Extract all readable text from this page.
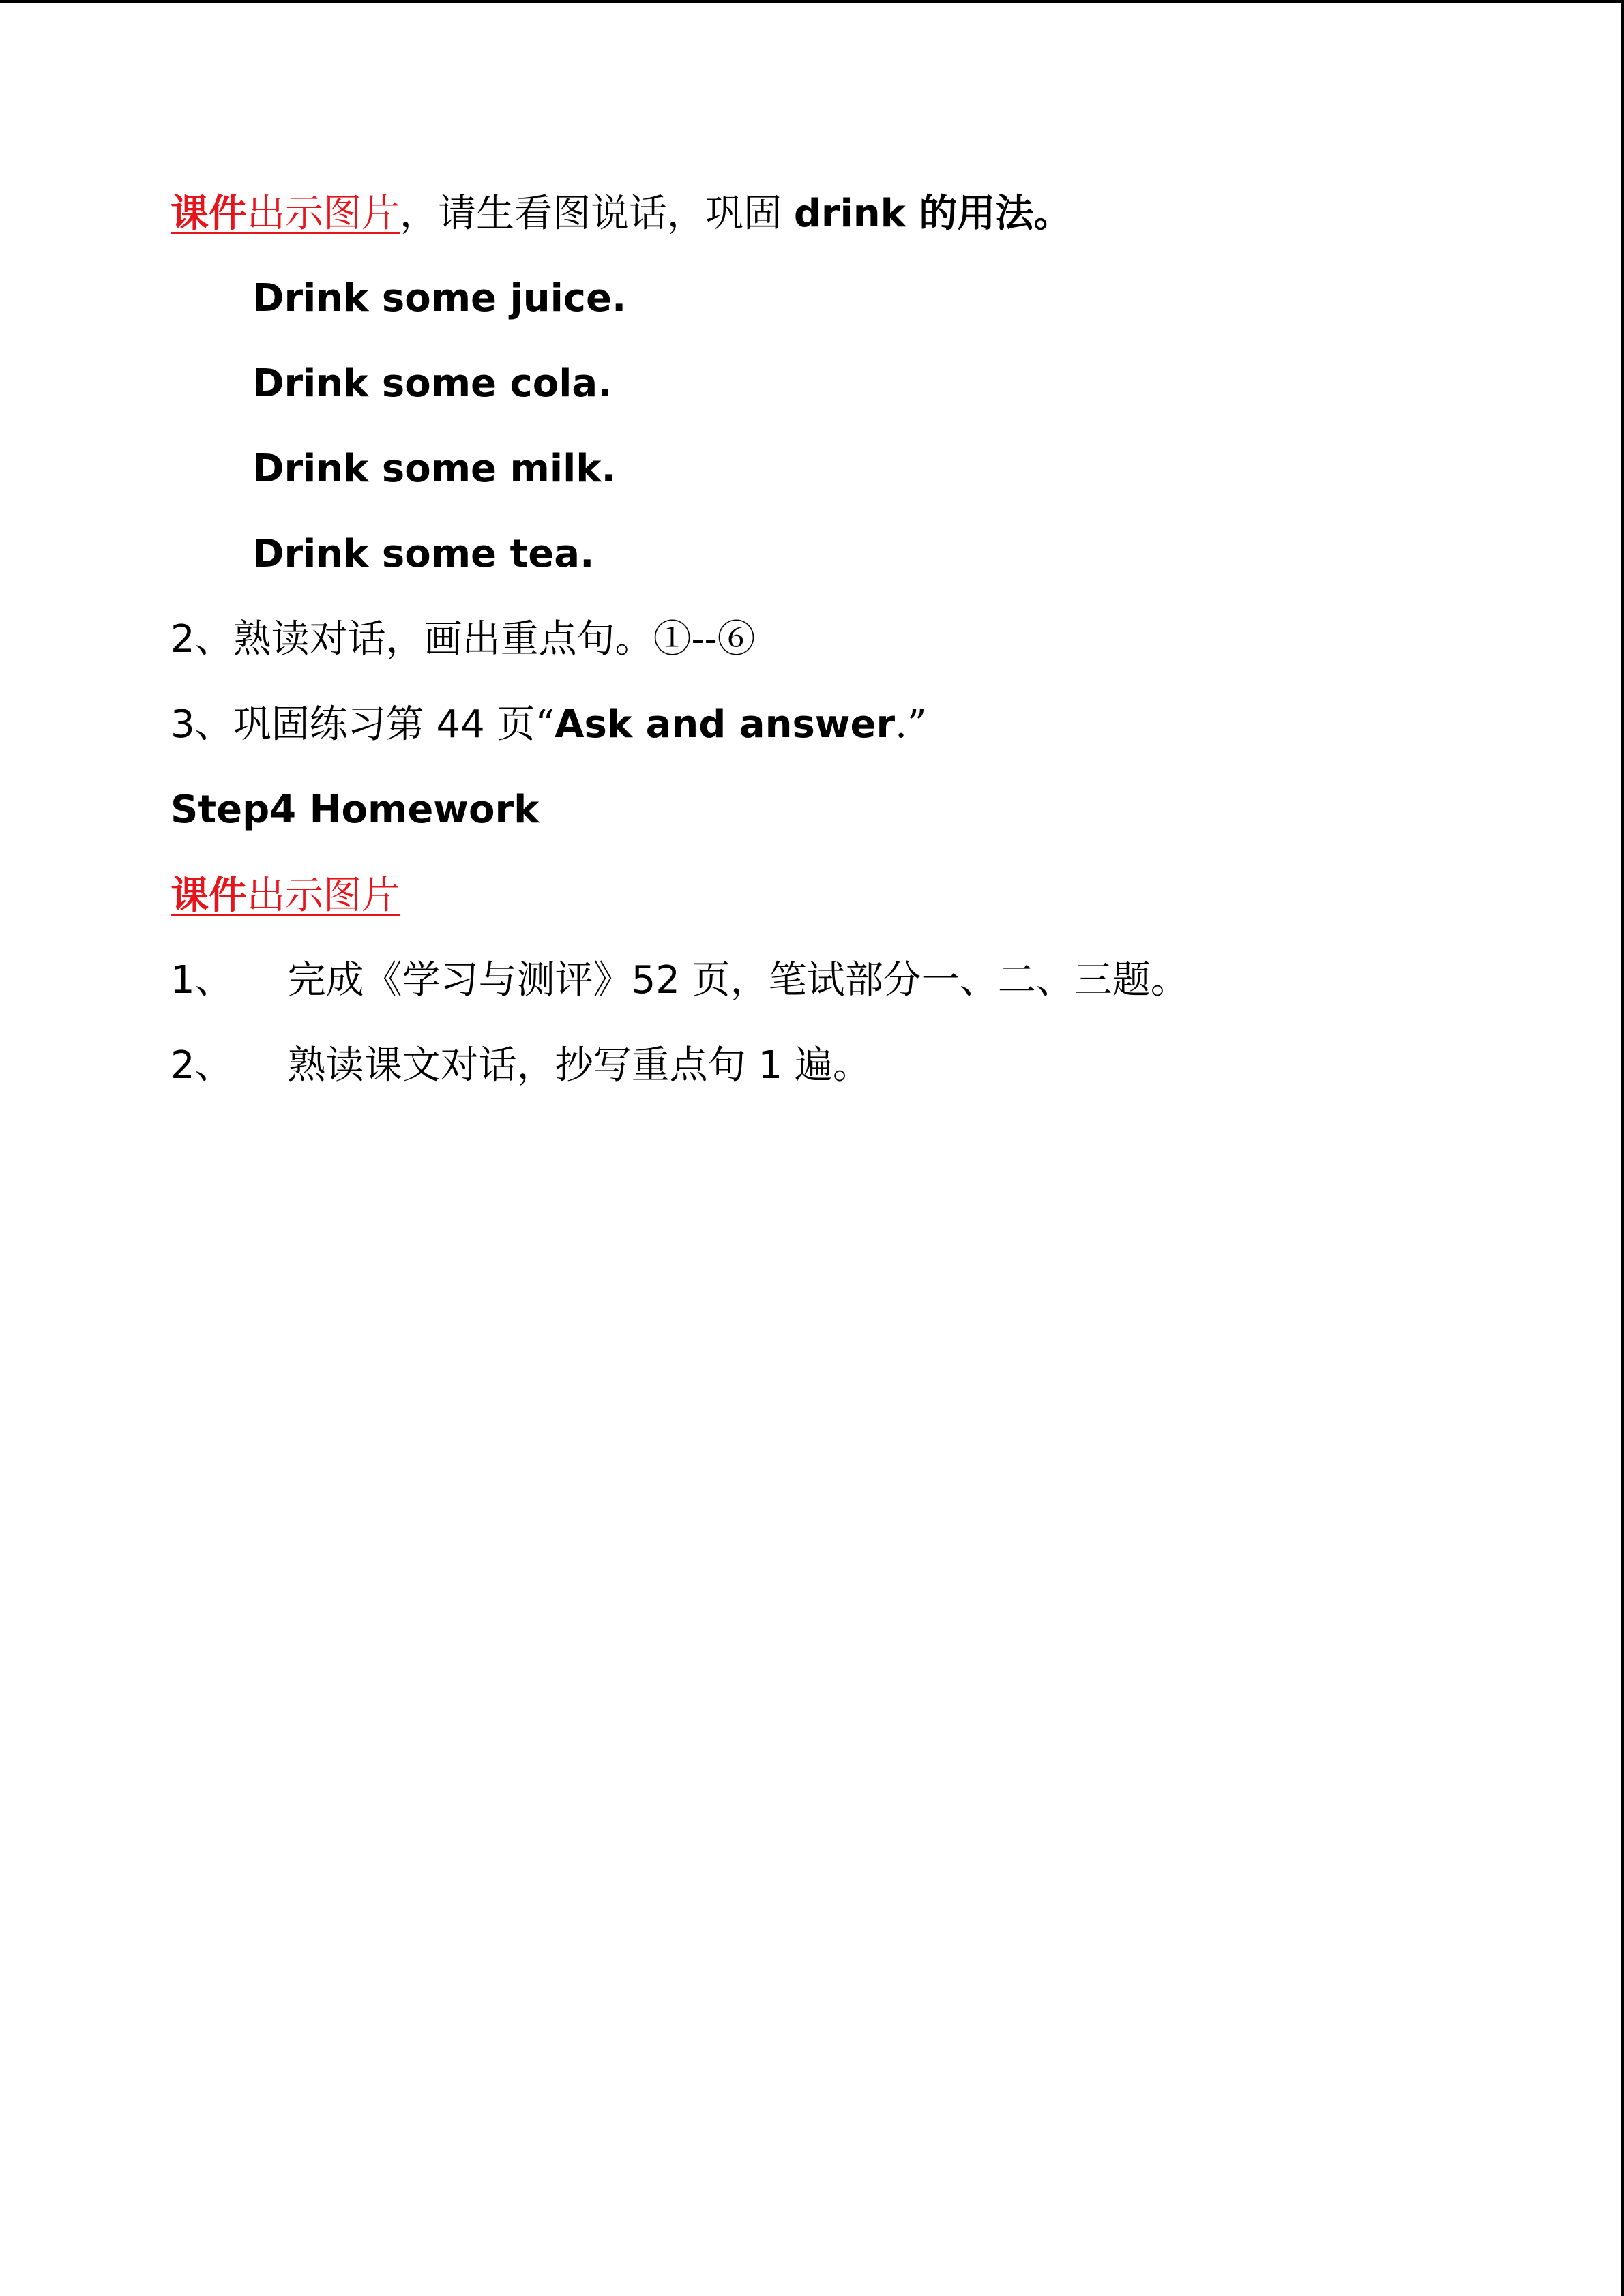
课件出示图片，请生看图说话，巩固 drink 的用法。
Drink some juice.
Drink some cola.
Drink some milk.
Drink some tea.
2、熟读对话，画出重点句。①--⑥
3、巩固练习第 44 页“Ask and answer.”
Step4 Homework
课件出示图片
1、 完成《学习与测评》52 页，笔试部分一、二、三题。
2、 熟读课文对话，抄写重点句 1 遍。
